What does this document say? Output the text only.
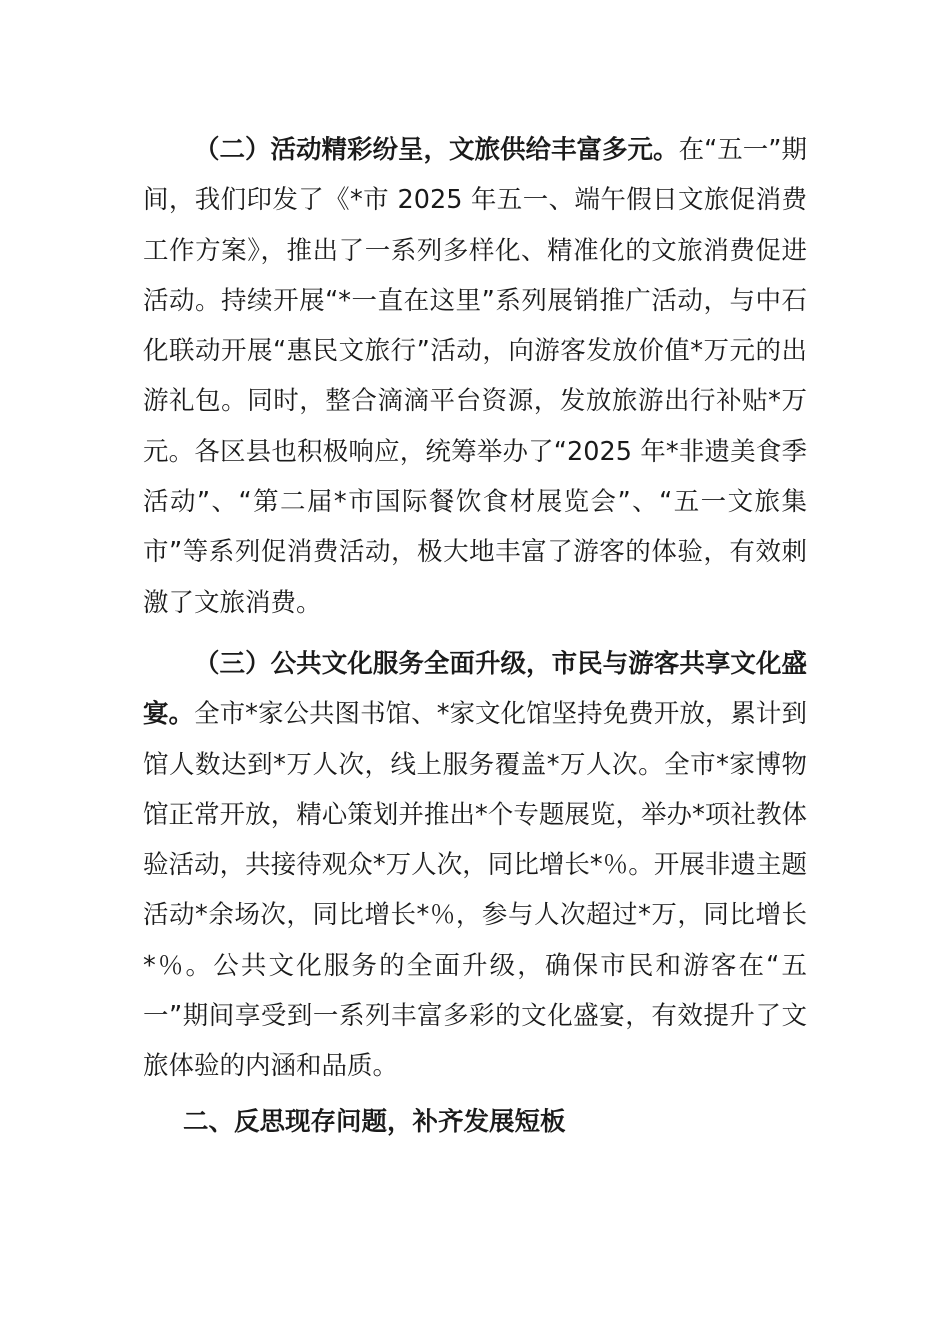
（二）活动精彩纷呈，文旅供给丰富多元。在“五一”期间，我们印发了《*市 2025 年五一、端午假日文旅促消费工作方案》，推出了一系列多样化、精准化的文旅消费促进活动。持续开展“*一直在这里”系列展销推广活动，与中石化联动开展“惠民文旅行”活动，向游客发放价值*万元的出游礼包。同时，整合滴滴平台资源，发放旅游出行补贴*万元。各区县也积极响应，统筹举办了“2025 年*非遗美食季活动”、“第二届*市国际餐饮食材展览会”、“五一文旅集市”等系列促消费活动，极大地丰富了游客的体验，有效刺激了文旅消费。

（三）公共文化服务全面升级，市民与游客共享文化盛宴。全市*家公共图书馆、*家文化馆坚持免费开放，累计到馆人数达到*万人次，线上服务覆盖*万人次。全市*家博物馆正常开放，精心策划并推出*个专题展览，举办*项社教体验活动，共接待观众*万人次，同比增长*％。开展非遗主题活动*余场次，同比增长*％，参与人次超过*万，同比增长*％。公共文化服务的全面升级，确保市民和游客在“五一”期间享受到一系列丰富多彩的文化盛宴，有效提升了文旅体验的内涵和品质。

二、反思现存问题，补齐发展短板
